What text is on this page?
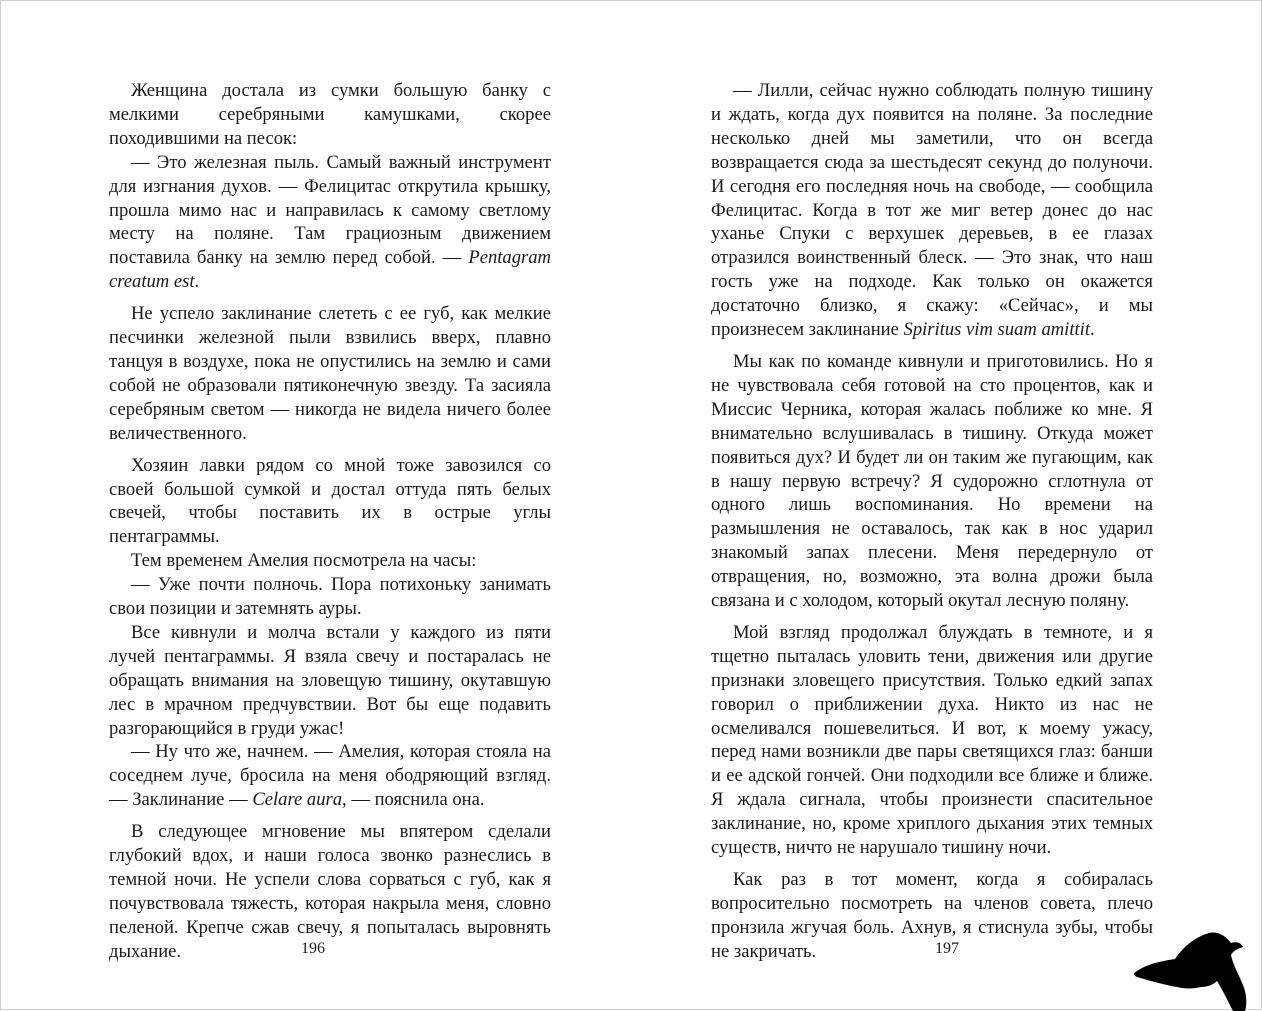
Женщина достала из сумки большую банку с мелкими серебряными камушками, скорее походившими на песок:

— Это железная пыль. Самый важный инструмент для изгнания духов. — Фелицитас открутила крышку, прошла мимо нас и направилась к самому светлому месту на поляне. Там грациозным движением поставила банку на землю перед собой. — Pentagram creatum est.

Не успело заклинание слететь с ее губ, как мелкие песчинки железной пыли взвились вверх, плавно танцуя в воздухе, пока не опустились на землю и сами собой не образовали пятиконечную звезду. Та засияла серебряным светом — никогда не видела ничего более величественного.

Хозяин лавки рядом со мной тоже завозился со своей большой сумкой и достал оттуда пять белых свечей, чтобы поставить их в острые углы пентаграммы.

Тем временем Амелия посмотрела на часы:

— Уже почти полночь. Пора потихоньку занимать свои позиции и затемнять ауры.

Все кивнули и молча встали у каждого из пяти лучей пентаграммы. Я взяла свечу и постаралась не обращать внимания на зловещую тишину, окутавшую лес в мрачном предчувствии. Вот бы еще подавить разгорающийся в груди ужас!

— Ну что же, начнем. — Амелия, которая стояла на соседнем луче, бросила на меня ободряющий взгляд. — Заклинание — Celare aura, — пояснила она.

В следующее мгновение мы впятером сделали глубокий вдох, и наши голоса звонко разнеслись в темной ночи. Не успели слова сорваться с губ, как я почувствовала тяжесть, которая накрыла меня, словно пеленой. Крепче сжав свечу, я попыталась выровнять дыхание.	196

— Лилли, сейчас нужно соблюдать полную тишину и ждать, когда дух появится на поляне. За последние несколько дней мы заметили, что он всегда возвращается сюда за шестьдесят секунд до полуночи. И сегодня его последняя ночь на свободе, — сообщила Фелицитас. Когда в тот же миг ветер донес до нас уханье Спуки с верхушек деревьев, в ее глазах отразился воинственный блеск. — Это знак, что наш гость уже на подходе. Как только он окажется достаточно близко, я скажу: «Сейчас», и мы произнесем заклинание Spiritus vim suam amittit.

Мы как по команде кивнули и приготовились. Но я не чувствовала себя готовой на сто процентов, как и Миссис Черника, которая жалась поближе ко мне. Я внимательно вслушивалась в тишину. Откуда может появиться дух? И будет ли он таким же пугающим, как в нашу первую встречу? Я судорожно сглотнула от одного лишь воспоминания. Но времени на размышления не оставалось, так как в нос ударил знакомый запах плесени. Меня передернуло от отвращения, но, возможно, эта волна дрожи была связана и с холодом, который окутал лесную поляну.

Мой взгляд продолжал блуждать в темноте, и я тщетно пыталась уловить тени, движения или другие признаки зловещего присутствия. Только едкий запах говорил о приближении духа. Никто из нас не осмеливался пошевелиться. И вот, к моему ужасу, перед нами возникли две пары светящихся глаз: банши и ее адской гончей. Они подходили все ближе и ближе. Я ждала сигнала, чтобы произнести спасительное заклинание, но, кроме хриплого дыхания этих темных существ, ничто не нарушало тишину ночи.

Как раз в тот момент, когда я собиралась вопросительно посмотреть на членов совета, плечо пронзила жгучая боль. Ахнув, я стиснула зубы, чтобы не закричать.	197
